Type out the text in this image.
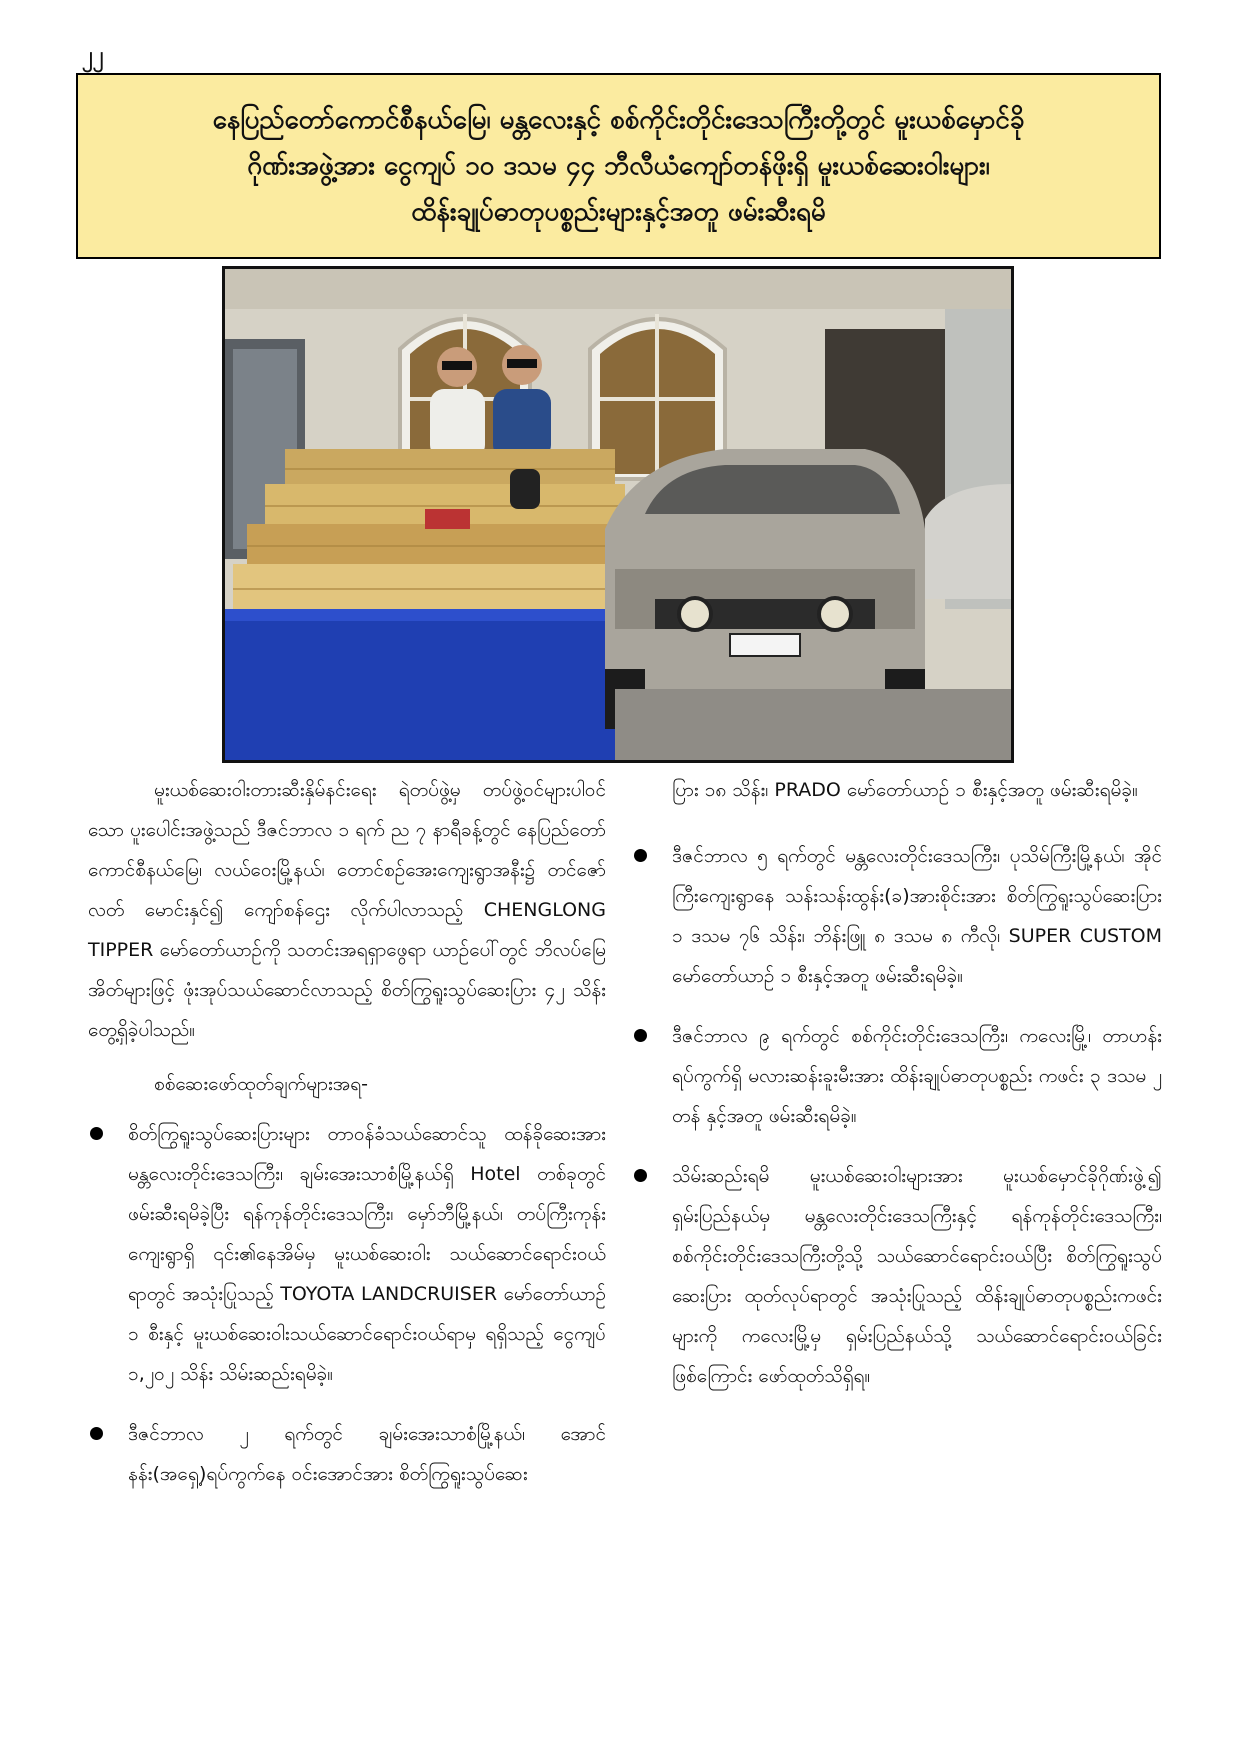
၂၂
နေပြည်တော်ကောင်စီနယ်မြေ၊ မန္တလေးနှင့် စစ်ကိုင်းတိုင်းဒေသကြီးတို့တွင် မူးယစ်မှောင်ခို
ဂိုဏ်းအဖွဲ့အား ငွေကျပ် ၁၀ ဒသမ ၄၄ ဘီလီယံကျော်တန်ဖိုးရှိ မူးယစ်ဆေးဝါးများ၊
ထိန်းချုပ်ဓာတုပစ္စည်းများနှင့်အတူ ဖမ်းဆီးရမိ

မူးယစ်ဆေးဝါးတားဆီးနှိမ်နင်းရေး ရဲတပ်ဖွဲ့မှ တပ်ဖွဲ့ဝင်များပါဝင်သော ပူးပေါင်းအဖွဲ့သည် ဒီဇင်ဘာလ ၁ ရက် ည ၇ နာရီခန့်တွင် နေပြည်တော်ကောင်စီနယ်မြေ၊ လယ်ဝေးမြို့နယ်၊ တောင်စဉ်အေးကျေးရွာအနီး၌ တင်ဇော်လတ် မောင်းနှင်၍ ကျော်စန်ဌေး လိုက်ပါလာသည့် CHENGLONG TIPPER မော်တော်ယာဉ်ကို သတင်းအရရှာဖွေရာ ယာဉ်ပေါ်တွင် ဘိလပ်မြေအိတ်များဖြင့် ဖုံးအုပ်သယ်ဆောင်လာသည့် စိတ်ကြွရူးသွပ်ဆေးပြား ၄၂ သိန်း တွေ့ရှိခဲ့ပါသည်။

စစ်ဆေးဖော်ထုတ်ချက်များအရ-

စိတ်ကြွရူးသွပ်ဆေးပြားများ တာဝန်ခံသယ်ဆောင်သူ ထန်ခိုဆေးအား မန္တလေးတိုင်းဒေသကြီး၊ ချမ်းအေးသာစံမြို့နယ်ရှိ Hotel တစ်ခုတွင် ဖမ်းဆီးရမိခဲ့ပြီး ရန်ကုန်တိုင်းဒေသကြီး၊ မှော်ဘီမြို့နယ်၊ တပ်ကြီးကုန်းကျေးရွာရှိ ၎င်း၏နေအိမ်မှ မူးယစ်ဆေးဝါး သယ်ဆောင်ရောင်းဝယ်ရာတွင် အသုံးပြုသည့် TOYOTA LANDCRUISER မော်တော်ယာဉ် ၁ စီးနှင့် မူးယစ်ဆေးဝါးသယ်ဆောင်ရောင်းဝယ်ရာမှ ရရှိသည့် ငွေကျပ် ၁,၂၀၂ သိန်း သိမ်းဆည်းရမိခဲ့။
ဒီဇင်ဘာလ ၂ ရက်တွင် ချမ်းအေးသာစံမြို့နယ်၊ အောင်နန်း(အရှေ့)ရပ်ကွက်နေ ဝင်းအောင်အား စိတ်ကြွရူးသွပ်ဆေး

ပြား ၁၈ သိန်း၊ PRADO မော်တော်ယာဉ် ၁ စီးနှင့်အတူ ဖမ်းဆီးရမိခဲ့။

ဒီဇင်ဘာလ ၅ ရက်တွင် မန္တလေးတိုင်းဒေသကြီး၊ ပုသိမ်ကြီးမြို့နယ်၊ အိုင်ကြီးကျေးရွာနေ သန်းသန်းထွန်း(ခ)အားစိုင်းအား စိတ်ကြွရူးသွပ်ဆေးပြား ၁ ဒသမ ၇၆ သိန်း၊ ဘိန်းဖြူ ၈ ဒသမ ၈ ကီလို၊ SUPER CUSTOM မော်တော်ယာဉ် ၁ စီးနှင့်အတူ ဖမ်းဆီးရမိခဲ့။
ဒီဇင်ဘာလ ၉ ရက်တွင် စစ်ကိုင်းတိုင်းဒေသကြီး၊ ကလေးမြို့၊ တာဟန်းရပ်ကွက်ရှိ မလားဆန်းခူးမီးအား ထိန်းချုပ်ဓာတုပစ္စည်း ကဖင်း ၃ ဒသမ ၂ တန် နှင့်အတူ ဖမ်းဆီးရမိခဲ့။
သိမ်းဆည်းရမိ မူးယစ်ဆေးဝါးများအား မူးယစ်မှောင်ခိုဂိုဏ်းဖွဲ့၍ ရှမ်းပြည်နယ်မှ မန္တလေးတိုင်းဒေသကြီးနှင့် ရန်ကုန်တိုင်းဒေသကြီး၊ စစ်ကိုင်းတိုင်းဒေသကြီးတို့သို့ သယ်ဆောင်ရောင်းဝယ်ပြီး စိတ်ကြွရူးသွပ်ဆေးပြား ထုတ်လုပ်ရာတွင် အသုံးပြုသည့် ထိန်းချုပ်ဓာတုပစ္စည်းကဖင်းများကို ကလေးမြို့မှ ရှမ်းပြည်နယ်သို့ သယ်ဆောင်ရောင်းဝယ်ခြင်းဖြစ်ကြောင်း ဖော်ထုတ်သိရှိရ။
